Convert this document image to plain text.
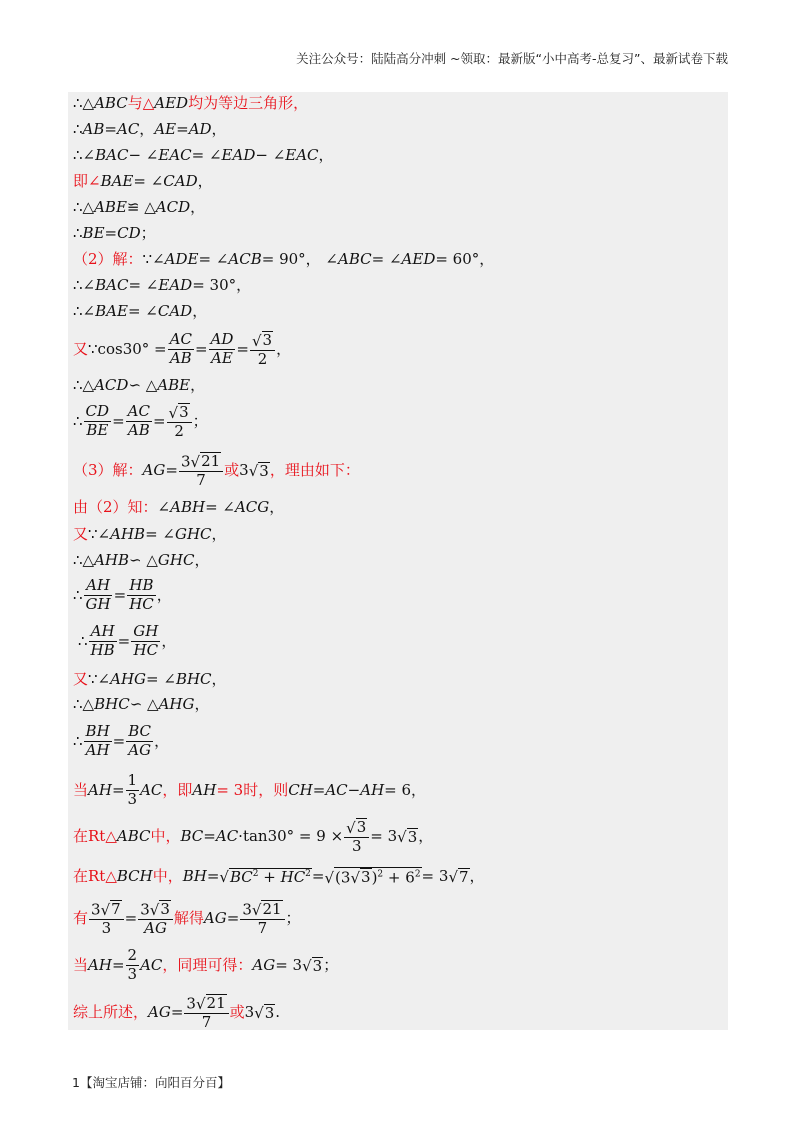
关注公众号：陆陆高分冲刺 ~领取：最新版“小中高考-总复习”、最新试卷下载
∴△ ABC 与△ AED 均为等边三角形，
∴ AB = AC ， AE = AD ，
∴∠ BAC − ∠ EAC = ∠ EAD − ∠ EAC ，
即∠ BAE = ∠ CAD ，
∴△ ABE ≌ △ ACD ，
∴ BE = CD ；
（2）解： ∵∠ ADE = ∠ ACB = 90°， ∠ ABC = ∠ AED = 60°，
∴∠ BAC = ∠ EAD = 30°，
∴∠ BAE = ∠ CAD ，
又 ∵cos30° = $\frac{AC}{AB} = \frac{AD}{AE} = \frac{√ 3}{2}$ ，
∴△ ACD ∽ △ ABE ，
∴ $\frac{CD}{BE} = \frac{AC}{AB} = \frac{√ 3}{2}$ ；
（3）解： AG = $\frac{3 √ 21}{7}$ 或 3 √ 3 ，理由如下：
由（2）知： ∠ ABH = ∠ ACG ，
又 ∵∠ AHB = ∠ GHC ，
∴△ AHB ∽ △ GHC ，
∴ $\frac{AH}{GH} = \frac{HB}{HC}$ ，
∴ $\frac{AH}{HB} = \frac{GH}{HC}$ ，
又 ∵∠ AHG = ∠ BHC ，
∴△ BHC ∽ △ AHG ，
∴ $\frac{BH}{AH} = \frac{BC}{AG}$ ，
当 AH = $\frac{1}{3}$ AC ，即 AH = 3时，则 CH = AC − AH = 6，
在Rt△ ABC 中， BC = AC $\cdot\tan 30^\circ = 9 \times \frac{√ 3}{3} = 3$ √ 3 ，
在Rt△ BCH 中， BH = √ $BC^2 + HC^2$ = √ (3 √ 3 )$^2 + 6^2 = 3$ √ 7 ，
有 $\frac{3 √ 7}{3} = \frac{3 √ 3}{AG}$ 解得 AG = $\frac{3 √ 21}{7}$ ；
当 AH = $\frac{2}{3}$ AC ，同理可得： AG = 3 √ 3 ；
综上所述， AG = $\frac{3 √ 21}{7}$ 或 3 √ 3 .
1【淘宝店铺：向阳百分百】
